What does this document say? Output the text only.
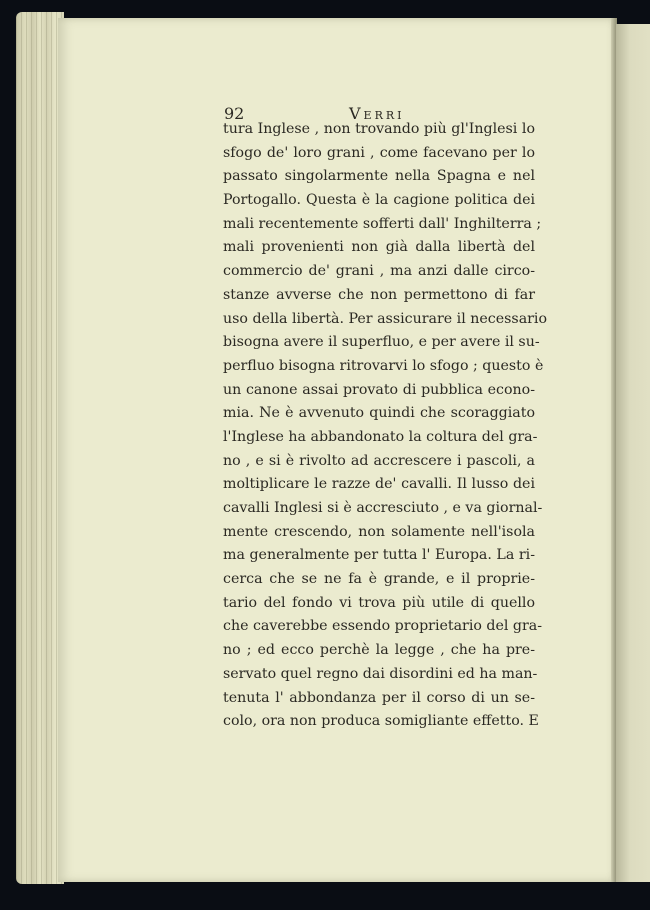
92	Verri
tura Inglese , non trovando più gl'Inglesi lo
sfogo de' loro grani , come facevano per lo
passato singolarmente nella Spagna e nel
Portogallo. Questa è la cagione politica dei
mali recentemente sofferti dall' Inghilterra ;
mali provenienti non già dalla libertà del
commercio de' grani , ma anzi dalle circo-
stanze avverse che non permettono di far
uso della libertà. Per assicurare il necessario
bisogna avere il superfluo, e per avere il su-
perfluo bisogna ritrovarvi lo sfogo ; questo è
un canone assai provato di pubblica econo-
mia. Ne è avvenuto quindi che scoraggiato
l'Inglese ha abbandonato la coltura del gra-
no , e si è rivolto ad accrescere i pascoli, a
moltiplicare le razze de' cavalli. Il lusso dei
cavalli Inglesi si è accresciuto , e va giornal-
mente crescendo, non solamente nell'isola
ma generalmente per tutta l' Europa. La ri-
cerca che se ne fa è grande, e il proprie-
tario del fondo vi trova più utile di quello
che caverebbe essendo proprietario del gra-
no ; ed ecco perchè la legge , che ha pre-
servato quel regno dai disordini ed ha man-
tenuta l' abbondanza per il corso di un se-
colo, ora non produca somigliante effetto. E
